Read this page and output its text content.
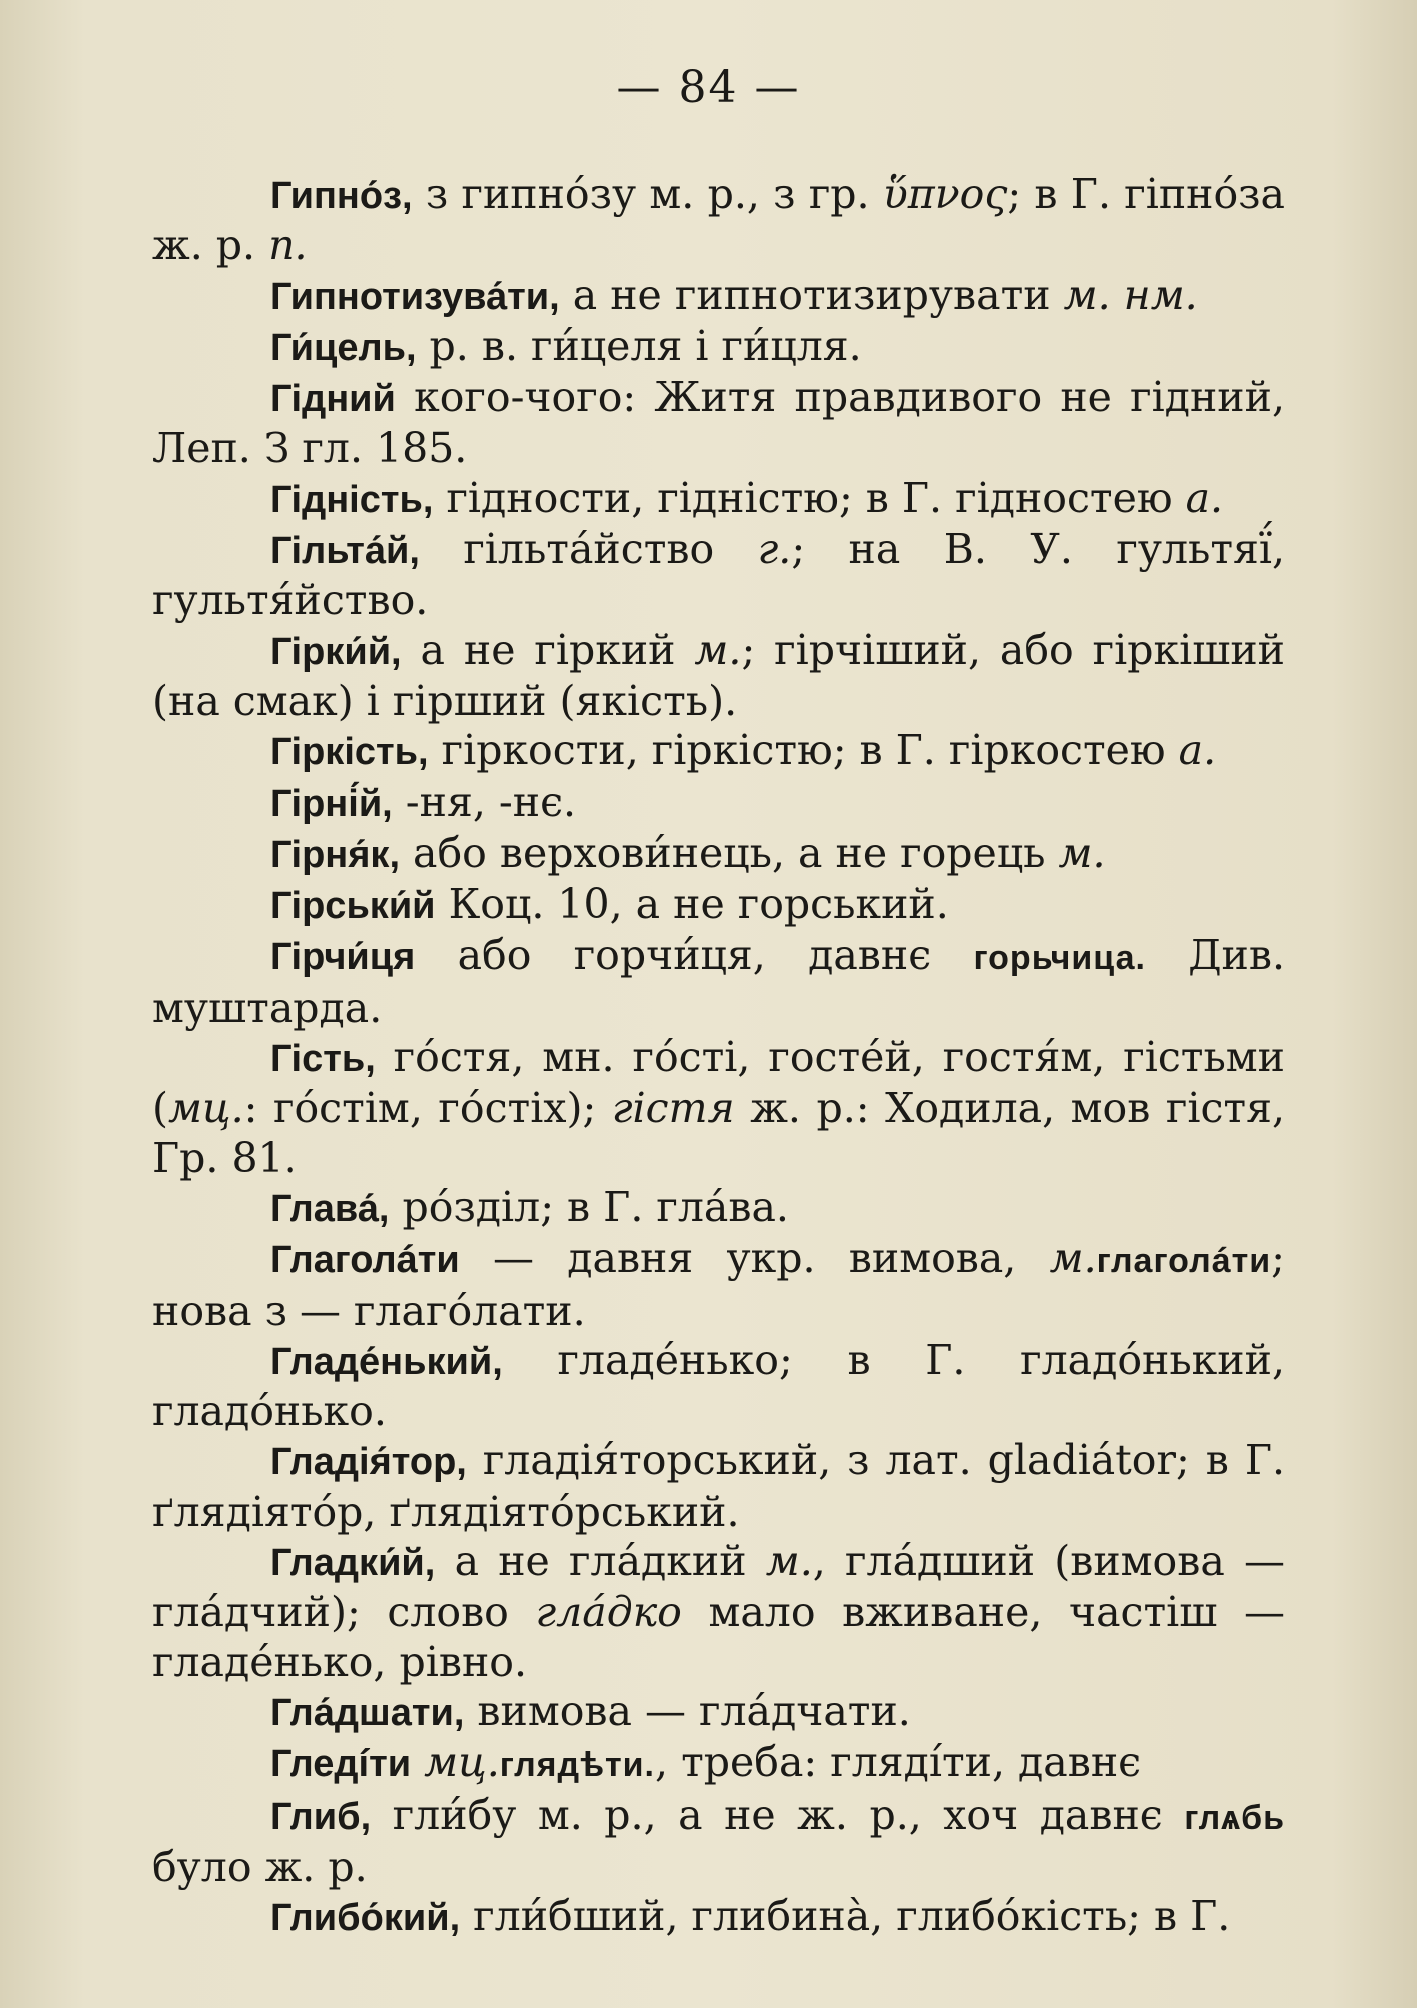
— 84 —

Гипно́з, з гипно́зу м. р., з гр. ὕπνος; в Г. гіпно́за ж. р. п.

Гипнотизува́ти, а не гипнотизирувати м. нм.

Ги́цель, р. в. ги́целя і ги́цля.

Гідний кого-чого: Житя правдивого не гідний, Леп. З гл. 185.

Гідність, гідности, гідністю; в Г. гідностею а.

Гільта́й, гільта́йство г.; на В. У. гультяї́, гультя́йство.

Гірки́й, а не гіркий м.; гірчіший, або гіркіший (на смак) і гірший (якість).

Гіркість, гіркости, гіркістю; в Г. гіркостею а.

Гірні́й, -ня, -нє.

Гірня́к, або верхови́нець, а не горець м.

Гірськи́й Коц. 10, а не горський.

Гірчи́ця або горчи́ця, давнє горьчица. Див. муштарда.

Гість, го́стя, мн. го́сті, госте́й, гостя́м, гістьми (мц.: го́стім, го́стіх); гістя ж. р.: Ходила, мов гістя, Гр. 81.

Глава́, ро́зділ; в Г. гла́ва.

Глаголáти — давня укр. вимова, м.глаголáти; нова з — глаго́лати.

Гладе́нький, гладе́нько; в Г. гладо́нький, гладо́нько.

Гладія́тор, гладія́торський, з лат. gladiátor; в Г. ґлядіято́р, ґлядіято́рський.

Гладки́й, а не гла́дкий м., гла́дший (вимова — гла́дчий); слово гла́дко мало вживане, частіш — гладе́нько, рівно.

Гла́дшати, вимова — гла́дчати.

Гледíти мц.глядѣти., треба: глядíти, давнє

Глиб, гли́бу м. р., а не ж. р., хоч давнє глѧбь було ж. р.

Глибо́кий, гли́бший, глибина̀, глибо́кість; в Г.
